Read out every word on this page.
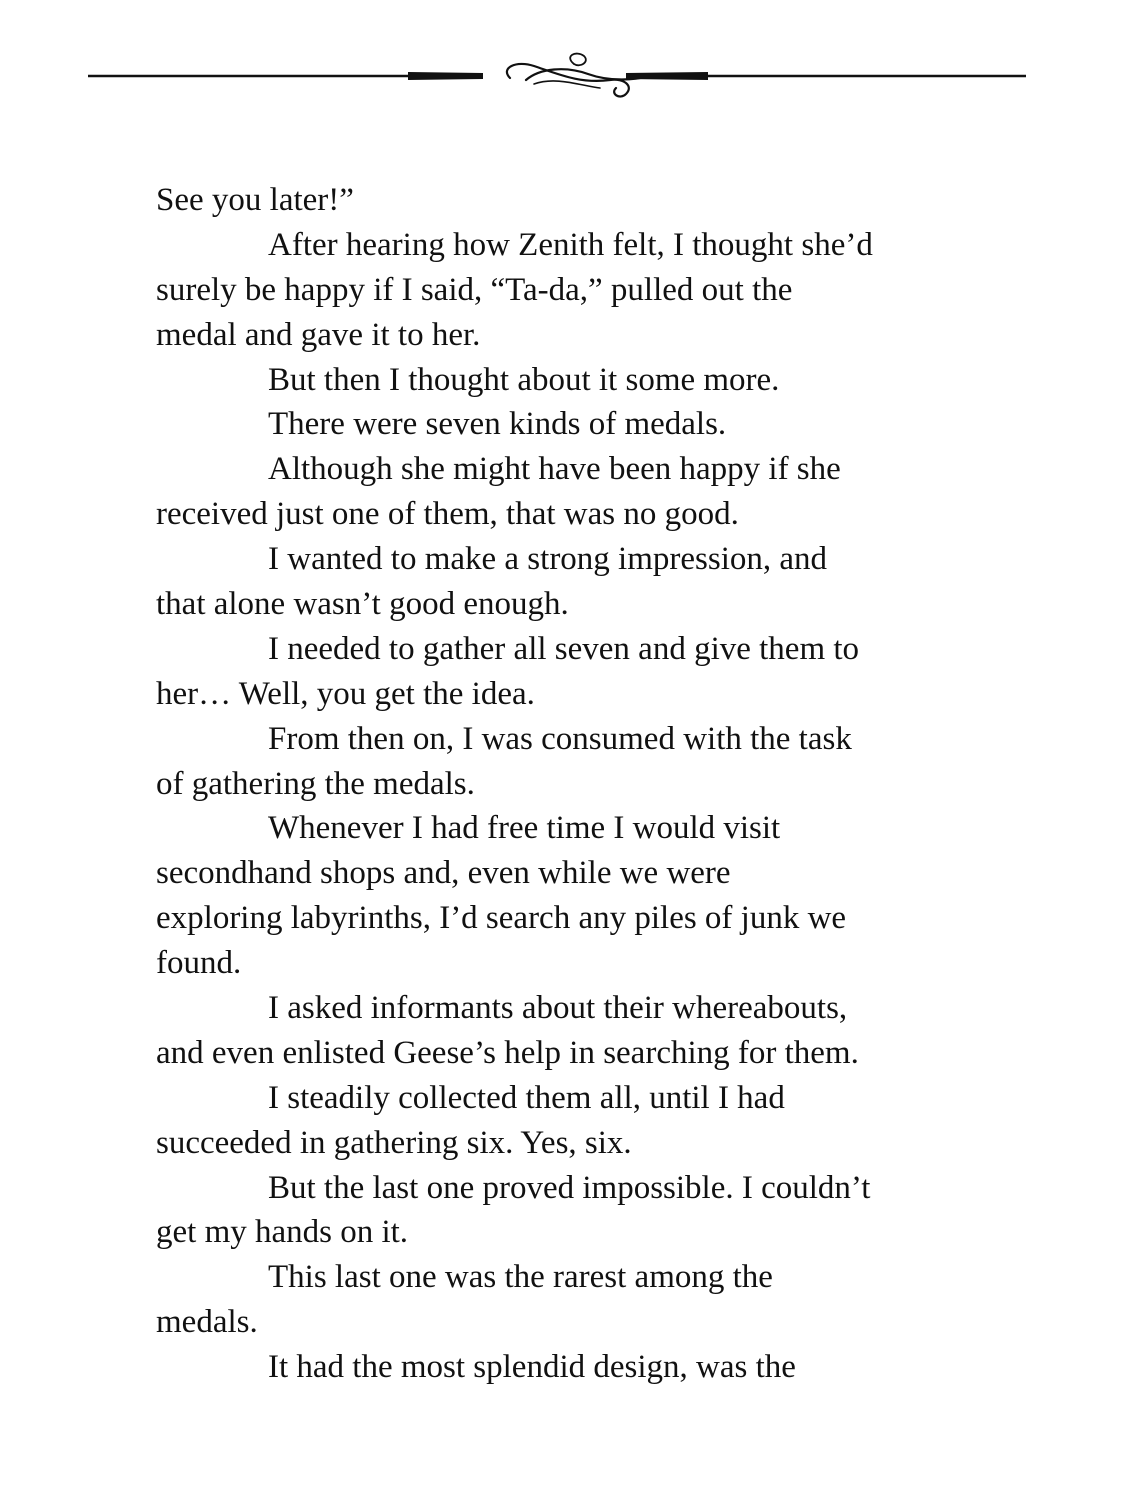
See you later!”
After hearing how Zenith felt, I thought she’d
surely be happy if I said, “Ta-da,” pulled out the
medal and gave it to her.
But then I thought about it some more.
There were seven kinds of medals.
Although she might have been happy if she
received just one of them, that was no good.
I wanted to make a strong impression, and
that alone wasn’t good enough.
I needed to gather all seven and give them to
her… Well, you get the idea.
From then on, I was consumed with the task
of gathering the medals.
Whenever I had free time I would visit
secondhand shops and, even while we were
exploring labyrinths, I’d search any piles of junk we
found.
I asked informants about their whereabouts,
and even enlisted Geese’s help in searching for them.
I steadily collected them all, until I had
succeeded in gathering six. Yes, six.
But the last one proved impossible. I couldn’t
get my hands on it.
This last one was the rarest among the
medals.
It had the most splendid design, was the
